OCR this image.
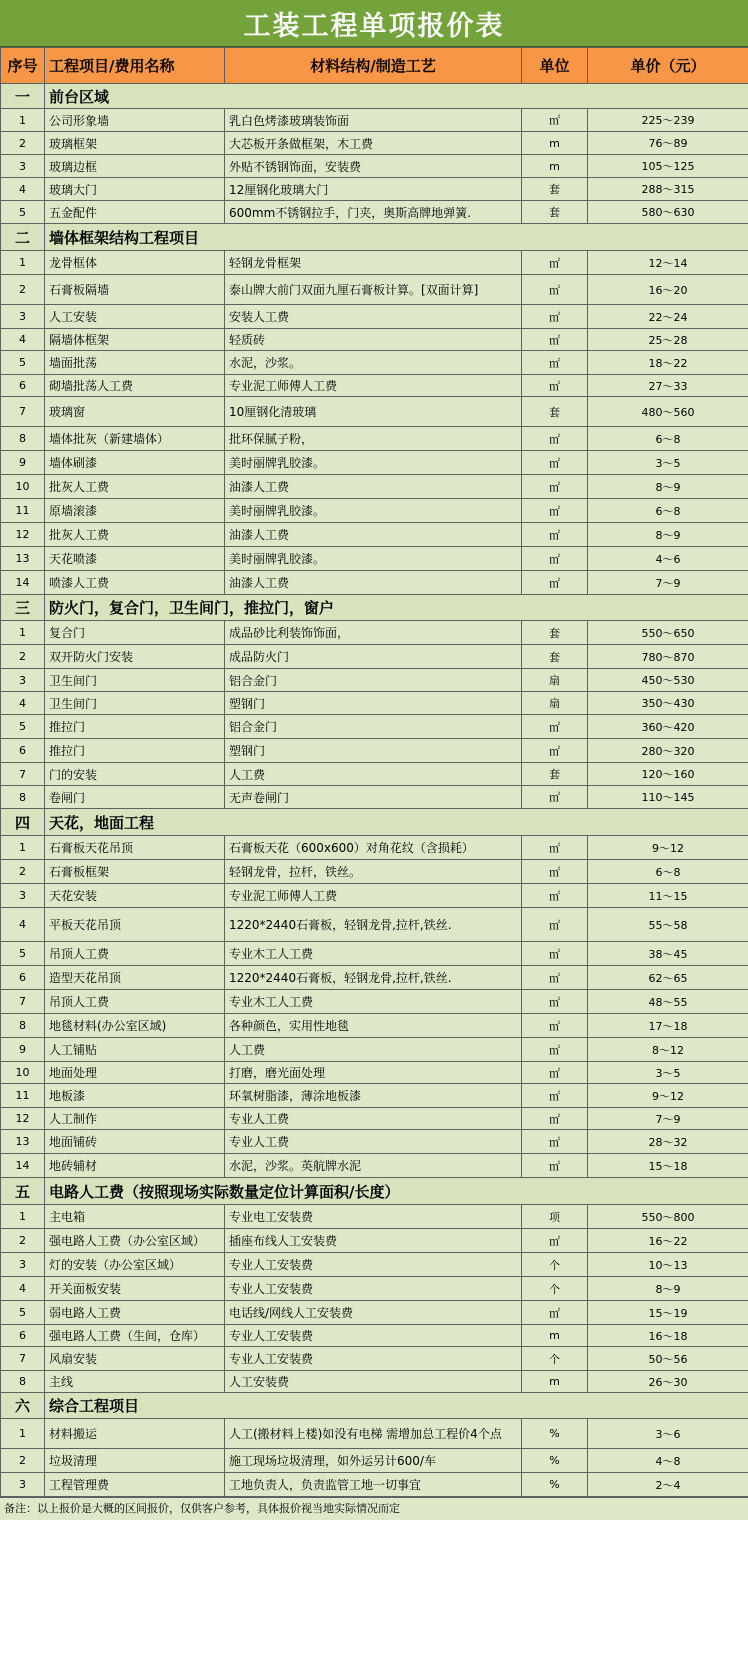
工装工程单项报价表
序号	工程项目/费用名称	材料结构/制造工艺	单位	单价（元）
一	前台区域			
1	公司形象墙	乳白色烤漆玻璃装饰面	㎡	225～239
2	玻璃框架	大芯板开条做框架，木工费	m	76～89
3	玻璃边框	外贴不锈钢饰面，安装费	m	105～125
4	玻璃大门	12厘钢化玻璃大门	套	288～315
5	五金配件	600mm不锈钢拉手，门夹，奥斯高牌地弹簧.	套	580～630
二	墙体框架结构工程项目			
1	龙骨框体	轻钢龙骨框架	㎡	12～14
2	石膏板隔墙	泰山牌大前门双面九厘石膏板计算。[双面计算]	㎡	16～20
3	人工安装	安装人工费	㎡	22～24
4	隔墙体框架	轻质砖	㎡	25～28
5	墙面批荡	水泥，沙浆。	㎡	18～22
6	砌墙批荡人工费	专业泥工师傅人工费	㎡	27～33
7	玻璃窗	10厘钢化清玻璃	套	480～560
8	墙体批灰（新建墙体）	批环保腻子粉，	㎡	6～8
9	墙体刷漆	美时丽牌乳胶漆。	㎡	3～5
10	批灰人工费	油漆人工费	㎡	8～9
11	原墙滚漆	美时丽牌乳胶漆。	㎡	6～8
12	批灰人工费	油漆人工费	㎡	8～9
13	天花喷漆	美时丽牌乳胶漆。	㎡	4～6
14	喷漆人工费	油漆人工费	㎡	7～9
三	防火门，复合门，卫生间门，推拉门，窗户			
1	复合门	成品砂比利装饰饰面，	套	550～650
2	双开防火门安装	成品防火门	套	780～870
3	卫生间门	铝合金门	扇	450～530
4	卫生间门	塑钢门	扇	350～430
5	推拉门	铝合金门	㎡	360～420
6	推拉门	塑钢门	㎡	280～320
7	门的安装	人工费	套	120～160
8	卷闸门	无声卷闸门	㎡	110～145
四	天花，地面工程			
1	石膏板天花吊顶	石膏板天花（600x600）对角花纹（含损耗）	㎡	9～12
2	石膏板框架	轻钢龙骨，拉杆，铁丝。	㎡	6～8
3	天花安装	专业泥工师傅人工费	㎡	11～15
4	平板天花吊顶	1220*2440石膏板，轻钢龙骨,拉杆,铁丝.	㎡	55～58
5	吊顶人工费	专业木工人工费	㎡	38～45
6	造型天花吊顶	1220*2440石膏板，轻钢龙骨,拉杆,铁丝.	㎡	62～65
7	吊顶人工费	专业木工人工费	㎡	48～55
8	地毯材料(办公室区域)	各种颜色，实用性地毯	㎡	17～18
9	人工铺贴	人工费	㎡	8～12
10	地面处理	打磨，磨光面处理	㎡	3～5
11	地板漆	环氧树脂漆，薄涂地板漆	㎡	9～12
12	人工制作	专业人工费	㎡	7～9
13	地面铺砖	专业人工费	㎡	28～32
14	地砖辅材	水泥，沙浆。英航牌水泥	㎡	15～18
五	电路人工费（按照现场实际数量定位计算面积/长度）			
1	主电箱	专业电工安装费	项	550～800
2	强电路人工费（办公室区域）	插座布线人工安装费	㎡	16～22
3	灯的安装（办公室区域）	专业人工安装费	个	10～13
4	开关面板安装	专业人工安装费	个	8～9
5	弱电路人工费	电话线/网线人工安装费	㎡	15～19
6	强电路人工费（生间，仓库）	专业人工安装费	m	16～18
7	风扇安装	专业人工安装费	个	50～56
8	主线	人工安装费	m	26～30
六	综合工程项目			
1	材料搬运	人工(搬材料上楼)如没有电梯 需增加总工程价4个点	%	3～6
2	垃圾清理	施工现场垃圾清理，如外运另计600/车	%	4～8
3	工程管理费	工地负责人，负责监管工地一切事宜	%	2～4
备注：以上报价是大概的区间报价，仅供客户参考，具体报价视当地实际情况而定
